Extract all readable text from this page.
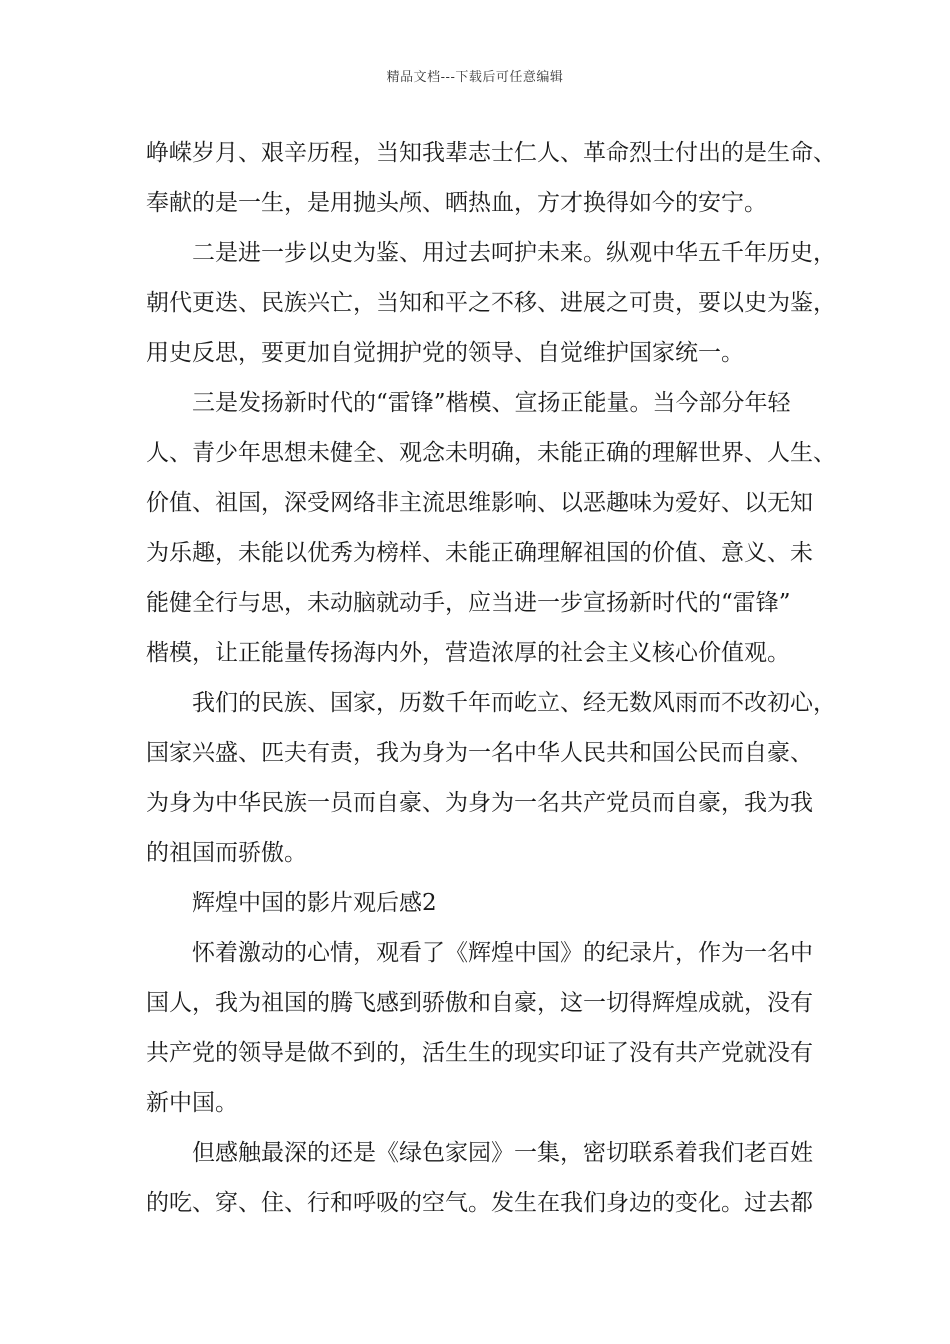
精品文档---下载后可任意编辑
峥嵘岁月、艰辛历程，当知我辈志士仁人、革命烈士付出的是生命、
奉献的是一生，是用抛头颅、晒热血，方才换得如今的安宁。
二是进一步以史为鉴、用过去呵护未来。纵观中华五千年历史，
朝代更迭、民族兴亡，当知和平之不移、进展之可贵，要以史为鉴，
用史反思，要更加自觉拥护党的领导、自觉维护国家统一。
三是发扬新时代的“雷锋”楷模、宣扬正能量。当今部分年轻
人、青少年思想未健全、观念未明确，未能正确的理解世界、人生、
价值、祖国，深受网络非主流思维影响、以恶趣味为爱好、以无知
为乐趣，未能以优秀为榜样、未能正确理解祖国的价值、意义、未
能健全行与思，未动脑就动手，应当进一步宣扬新时代的“雷锋”
楷模，让正能量传扬海内外，营造浓厚的社会主义核心价值观。
我们的民族、国家，历数千年而屹立、经无数风雨而不改初心，
国家兴盛、匹夫有责，我为身为一名中华人民共和国公民而自豪、
为身为中华民族一员而自豪、为身为一名共产党员而自豪，我为我
的祖国而骄傲。
辉煌中国的影片观后感2
怀着激动的心情，观看了《辉煌中国》的纪录片，作为一名中
国人，我为祖国的腾飞感到骄傲和自豪，这一切得辉煌成就，没有
共产党的领导是做不到的，活生生的现实印证了没有共产党就没有
新中国。
但感触最深的还是《绿色家园》一集，密切联系着我们老百姓
的吃、穿、住、行和呼吸的空气。发生在我们身边的变化。过去都
